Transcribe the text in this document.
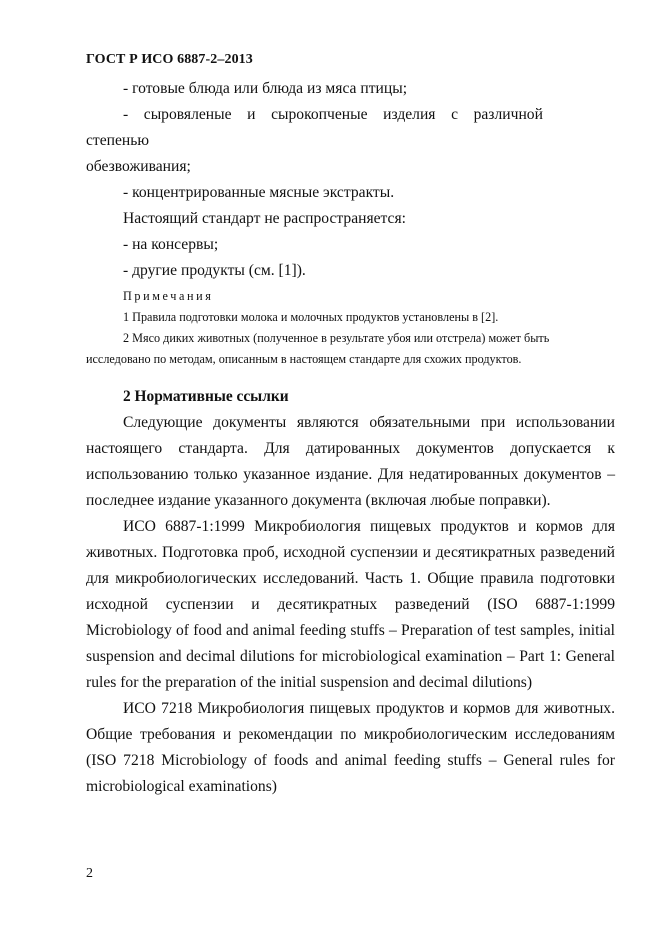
ГОСТ Р ИСО 6887-2–2013

- готовые блюда или блюда из мяса птицы;

- сыровяленые и сырокопченые изделия с различной степенью

обезвоживания;

- концентрированные мясные экстракты.

Настоящий стандарт не распространяется:

- на консервы;

- другие продукты (см. [1]).

Примечания

1 Правила подготовки молока и молочных продуктов установлены в [2].

2 Мясо диких животных (полученное в результате убоя или отстрела) может быть

исследовано по методам, описанным в настоящем стандарте для схожих продуктов.

2 Нормативные ссылки

Следующие документы являются обязательными при использовании

настоящего стандарта. Для датированных документов допускается к

использованию только указанное издание. Для недатированных документов –

последнее издание указанного документа (включая любые поправки).

ИСО 6887-1:1999 Микробиология пищевых продуктов и кормов для

животных. Подготовка проб, исходной суспензии и десятикратных разведений

для микробиологических исследований. Часть 1. Общие правила подготовки

исходной суспензии и десятикратных разведений (ISO 6887-1:1999

Microbiology of food and animal feeding stuffs – Preparation of test samples, initial

suspension and decimal dilutions for microbiological examination – Part 1: General

rules for the preparation of the initial suspension and decimal dilutions)

ИСО 7218 Микробиология пищевых продуктов и кормов для животных.

Общие требования и рекомендации по микробиологическим исследованиям

(ISO 7218 Microbiology of foods and animal feeding stuffs – General rules for

microbiological examinations)

2
